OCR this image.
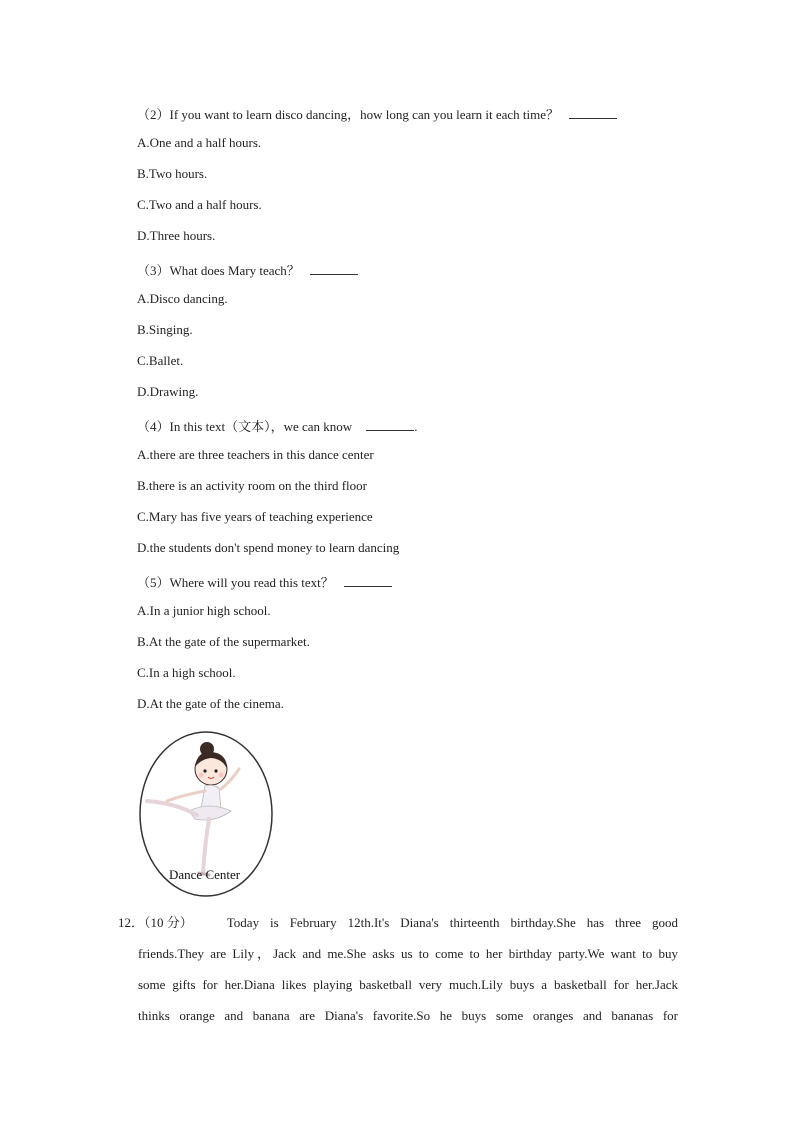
（2）If you want to learn disco dancing，how long can you learn it each time？
A.One and a half hours.
B.Two hours.
C.Two and a half hours.
D.Three hours.
（3）What does Mary teach？
A.Disco dancing.
B.Singing.
C.Ballet.
D.Drawing.
（4）In this text（文本），we can know	.
A.there are three teachers in this dance center
B.there is an activity room on the third floor
C.Mary has five years of teaching experience
D.the students don't spend money to learn dancing
（5）Where will you read this text？
A.In a junior high school.
B.At the gate of the supermarket.
C.In a high school.
D.At the gate of the cinema.
Dance Center
12．（10 分）	Today is February 12th.It's Diana's thirteenth birthday.She has three good
friends.They are Lily，Jack and me.She asks us to come to her birthday party.We want to buy
some gifts for her.Diana likes playing basketball very much.Lily buys a basketball for her.Jack
thinks orange and banana are Diana's favorite.So he buys some oranges and bananas for
